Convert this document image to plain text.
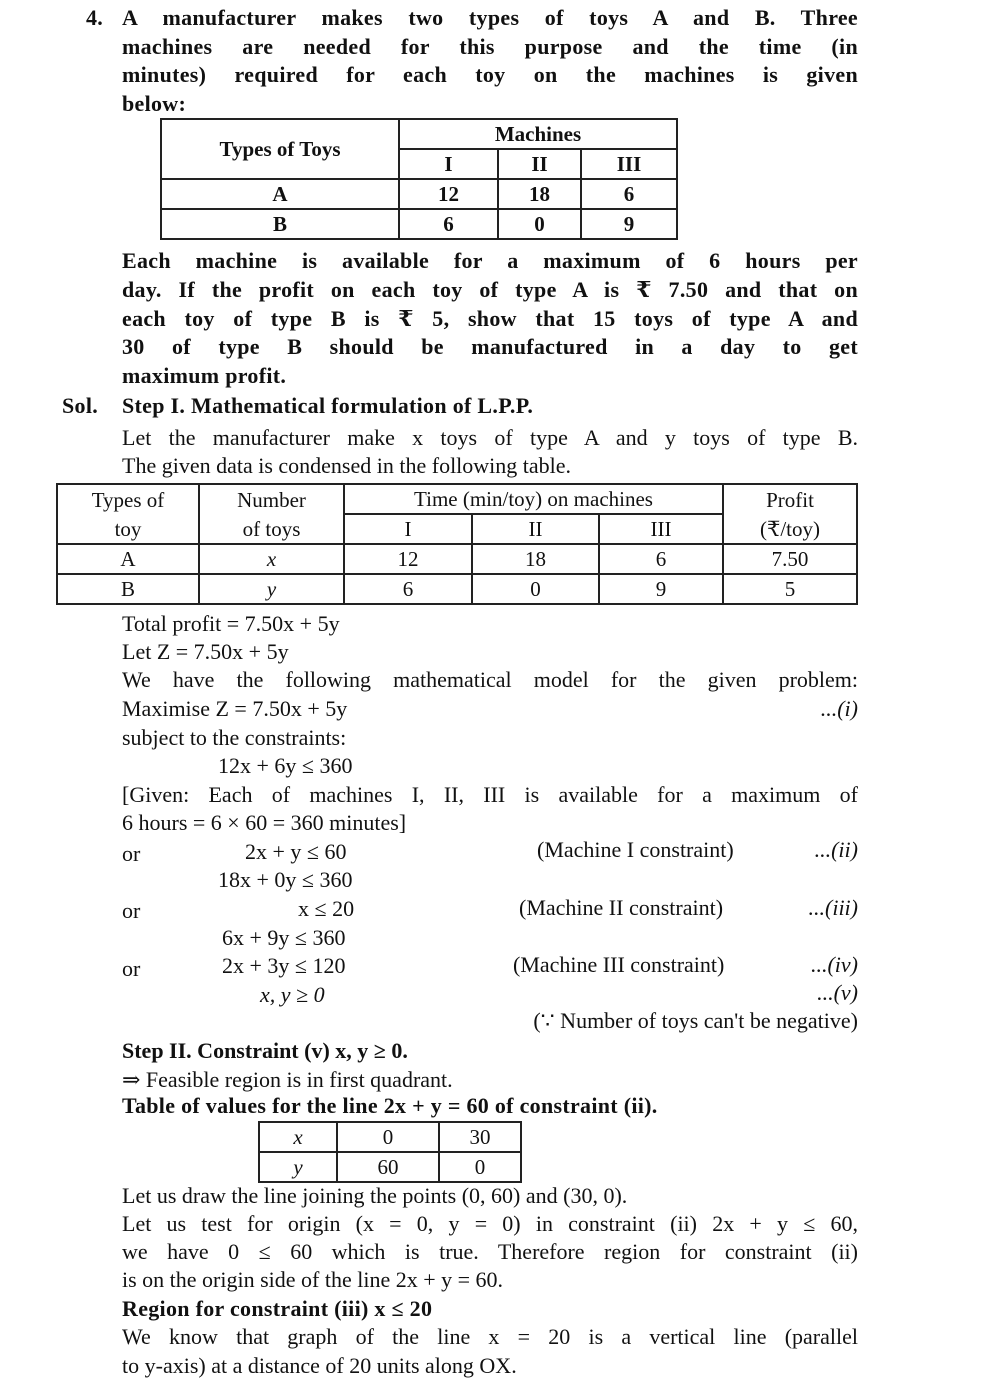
4. A manufacturer makes two types of toys A and B. Three
machines are needed for this purpose and the time (in
minutes) required for each toy on the machines is given
below:
Types of Toys	Machines		
	I	II	III
A	12	18	6
B	6	0	9
Each machine is available for a maximum of 6 hours per
day. If the profit on each toy of type A is ₹ 7.50 and that on
each toy of type B is ₹ 5, show that 15 toys of type A and
30 of type B should be manufactured in a day to get
maximum profit.
Sol. Step I. Mathematical formulation of L.P.P.
Let the manufacturer make x toys of type A and y toys of type B.
The given data is condensed in the following table.
Types of	Number	Time (min/toy) on machines			Profit
toy	of toys	I	II	III	(₹/toy)
A	x	12	18	6	7.50
B	y	6	0	9	5
Total profit = 7.50x + 5y
Let Z = 7.50x + 5y
We have the following mathematical model for the given problem:
Maximise Z = 7.50x + 5y	...(i)
subject to the constraints:
12x + 6y ≤ 360
[Given: Each of machines I, II, III is available for a maximum of
6 hours = 6 × 60 = 360 minutes]
or	2x + y ≤ 60	(Machine I constraint)	...(ii)
18x + 0y ≤ 360
or	x ≤ 20	(Machine II constraint)	...(iii)
6x + 9y ≤ 360
or	2x + 3y ≤ 120	(Machine III constraint)	...(iv)
x, y ≥ 0	...(v)
(∵ Number of toys can't be negative)
Step II. Constraint (v) x, y ≥ 0.
⇒ Feasible region is in first quadrant.
Table of values for the line 2x + y = 60 of constraint (ii).
x	0	30
y	60	0
Let us draw the line joining the points (0, 60) and (30, 0).
Let us test for origin (x = 0, y = 0) in constraint (ii) 2x + y ≤ 60,
we have 0 ≤ 60 which is true. Therefore region for constraint (ii)
is on the origin side of the line 2x + y = 60.
Region for constraint (iii) x ≤ 20
We know that graph of the line x = 20 is a vertical line (parallel
to y-axis) at a distance of 20 units along OX.
